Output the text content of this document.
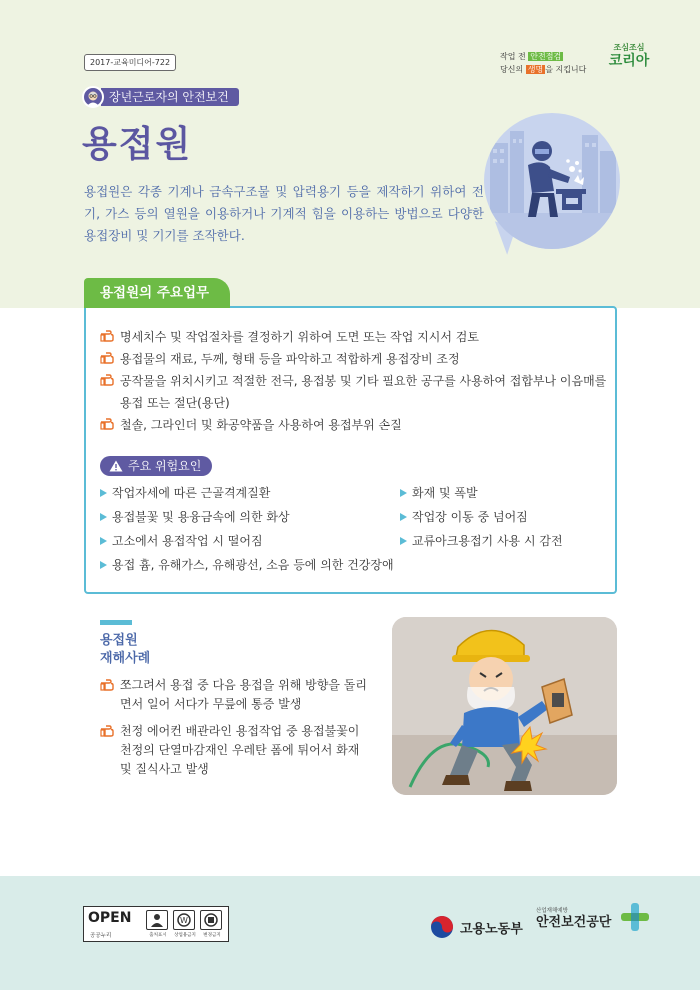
2017-교육미디어-722
작업 전 안전점검
당신의 생명 을 지킵니다
조심조심
코리아
장년근로자의 안전보건
용접원

용접원은 각종 기계나 금속구조물 및 압력용기 등을 제작하기 위하여 전기, 가스 등의 열원을 이용하거나 기계적 힘을 이용하는 방법으로 다양한 용접장비 및 기기를 조작한다.

용접원의 주요업무
명세치수 및 작업절차를 결정하기 위하여 도면 또는 작업 지시서 검토
용접물의 재료, 두께, 형태 등을 파악하고 적합하게 용접장비 조정
공작물을 위치시키고 적절한 전극, 용접봉 및 기타 필요한 공구를 사용하여 접합부나 이음매를 용접 또는 절단(용단)
철솔, 그라인더 및 화공약품을 사용하여 용접부위 손질
주요 위험요인
작업자세에 따른 근골격계질환
용접불꽃 및 용융금속에 의한 화상
고소에서 용접작업 시 떨어짐
용접 흄, 유해가스, 유해광선, 소음 등에 의한 건강장애
화재 및 폭발
작업장 이동 중 넘어짐
교류아크용접기 사용 시 감전
용접원
재해사례
쪼그려서 용접 중 다음 용접을 위해 방향을 돌리면서 일어 서다가 무릎에 통증 발생
천정 에어컨 배관라인 용접작업 중 용접불꽃이 천정의 단열마감재인 우레탄 폼에 튀어서 화재 및 질식사고 발생
OPEN
공공누리	출처표시
W
상업용금지	변경금지	고용노동부
산업재해예방
안전보건공단
